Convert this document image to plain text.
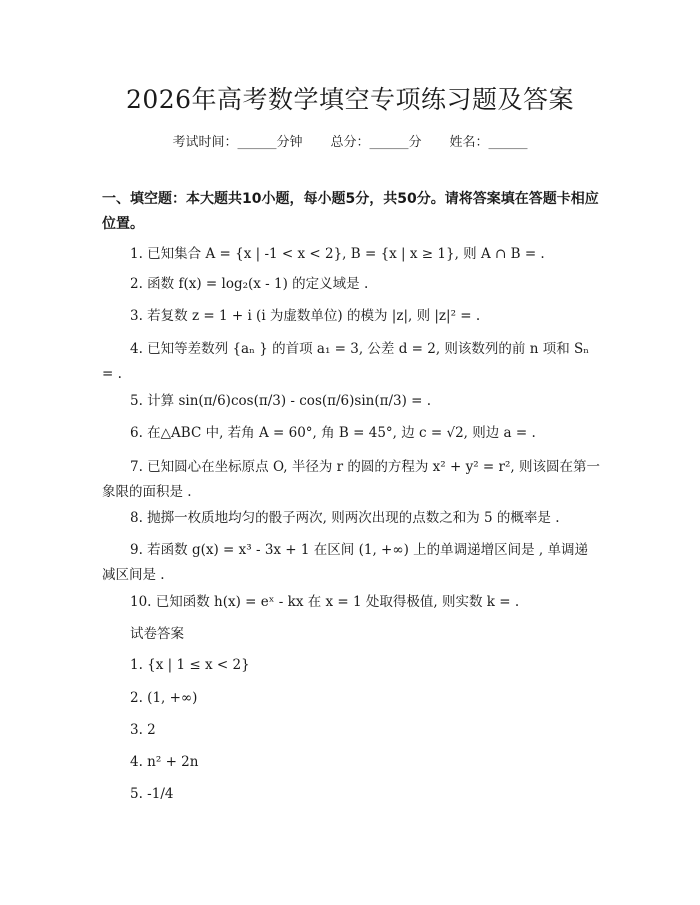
2026年高考数学填空专项练习题及答案
考试时间：______分钟 总分：______分 姓名：______
一、填空题：本大题共10小题，每小题5分，共50分。请将答案填在答题卡相应位置。
1. 已知集合 A = {x | -1 < x < 2}, B = {x | x ≥ 1}, 则 A ∩ B = .
2. 函数 f(x) = log₂(x - 1) 的定义域是 .
3. 若复数 z = 1 + i (i 为虚数单位) 的模为 |z|, 则 |z|² = .
4. 已知等差数列 {aₙ } 的首项 a₁ = 3, 公差 d = 2, 则该数列的前 n 项和 Sₙ = .
5. 计算 sin(π/6)cos(π/3) - cos(π/6)sin(π/3) = .
6. 在△ABC 中, 若角 A = 60°, 角 B = 45°, 边 c = √2, 则边 a = .
7. 已知圆心在坐标原点 O, 半径为 r 的圆的方程为 x² + y² = r², 则该圆在第一象限的面积是 .
8. 抛掷一枚质地均匀的骰子两次, 则两次出现的点数之和为 5 的概率是 .
9. 若函数 g(x) = x³ - 3x + 1 在区间 (1, +∞) 上的单调递增区间是 , 单调递减区间是 .
10. 已知函数 h(x) = eˣ - kx 在 x = 1 处取得极值, 则实数 k = .
试卷答案
1. {x | 1 ≤ x < 2}
2. (1, +∞)
3. 2
4. n² + 2n
5. -1/4
